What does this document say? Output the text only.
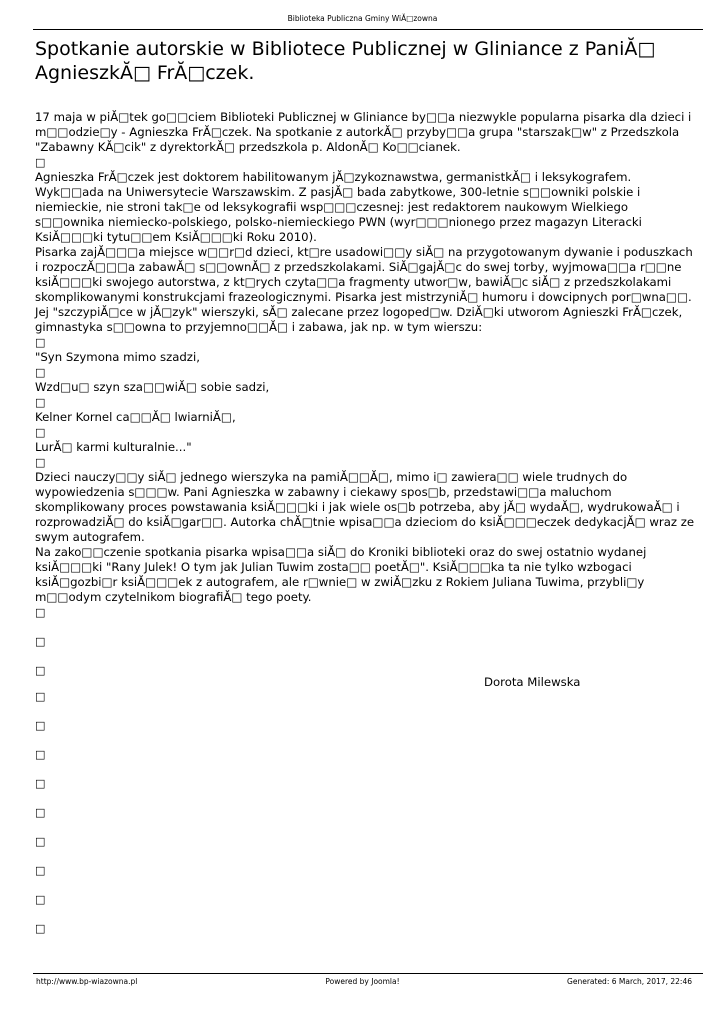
Biblioteka Publiczna Gminy WiĂ□zowna
Spotkanie autorskie w Bibliotece Publicznej w Gliniance z PaniĂ□ AgnieszkĂ□ FrĂ□czek.

17 maja w piĂ□tek go□□ciem Biblioteki Publicznej w Gliniance by□□a niezwykle popularna pisarka dla dzieci i m□□odzie□y - Agnieszka FrĂ□czek. Na spotkanie z autorkĂ□ przyby□□a grupa "starszak□w" z Przedszkola "Zabawny KĂ□cik" z dyrektorkĂ□ przedszkola p. AldonĂ□ Ko□□cianek.

□

Agnieszka FrĂ□czek jest doktorem habilitowanym jĂ□zykoznawstwa, germanistkĂ□ i leksykografem. Wyk□□ada na Uniwersytecie Warszawskim. Z pasjĂ□ bada zabytkowe, 300-letnie s□□owniki polskie i niemieckie, nie stroni tak□e od leksykografii wsp□□□czesnej: jest redaktorem naukowym Wielkiego s□□ownika niemiecko-polskiego, polsko-niemieckiego PWN (wyr□□□nionego przez magazyn Literacki KsiĂ□□□ki tytu□□em KsiĂ□□□ki Roku 2010).

Pisarka zajĂ□□□a miejsce w□□r□d dzieci, kt□re usadowi□□y siĂ□ na przygotowanym dywanie i poduszkach i rozpoczĂ□□□a zabawĂ□ s□□ownĂ□ z przedszkolakami. SiĂ□gajĂ□c do swej torby, wyjmowa□□a r□□ne ksiĂ□□□ki swojego autorstwa, z kt□rych czyta□□a fragmenty utwor□w, bawiĂ□c siĂ□ z przedszkolakami skomplikowanymi konstrukcjami frazeologicznymi. Pisarka jest mistrzyniĂ□ humoru i dowcipnych por□wna□□. Jej "szczypiĂ□ce w jĂ□zyk" wierszyki, sĂ□ zalecane przez logoped□w. DziĂ□ki utworom Agnieszki FrĂ□czek, gimnastyka s□□owna to przyjemno□□Ă□ i zabawa, jak np. w tym wierszu:

□

"Syn Szymona mimo szadzi,

□

Wzd□u□ szyn sza□□wiĂ□ sobie sadzi,

□

Kelner Kornel ca□□Ă□ lwiarniĂ□,

□

LurĂ□ karmi kulturalnie..."

□

Dzieci nauczy□□y siĂ□ jednego wierszyka na pamiĂ□□Ă□, mimo i□ zawiera□□ wiele trudnych do wypowiedzenia s□□□w. Pani Agnieszka w zabawny i ciekawy spos□b, przedstawi□□a maluchom skomplikowany proces powstawania ksiĂ□□□ki i jak wiele os□b potrzeba, aby jĂ□ wydaĂ□, wydrukowaĂ□ i rozprowadziĂ□ do ksiĂ□gar□□. Autorka chĂ□tnie wpisa□□a dzieciom do ksiĂ□□□eczek dedykacjĂ□ wraz ze swym autografem.

Na zako□□czenie spotkania pisarka wpisa□□a siĂ□ do Kroniki biblioteki oraz do swej ostatnio wydanej ksiĂ□□□ki "Rany Julek! O tym jak Julian Tuwim zosta□□ poetĂ□". KsiĂ□□□ka ta nie tylko wzbogaci ksiĂ□gozbi□r ksiĂ□□□ek z autografem, ale r□wnie□ w zwiĂ□zku z Rokiem Juliana Tuwima, przybli□y m□□odym czytelnikom biografiĂ□ tego poety.

□
□
□
□
Dorota Milewska
□
□
□
□
□
□
□
□
http://www.bp-wiazowna.pl	Powered by Joomla!	Generated: 6 March, 2017, 22:46
